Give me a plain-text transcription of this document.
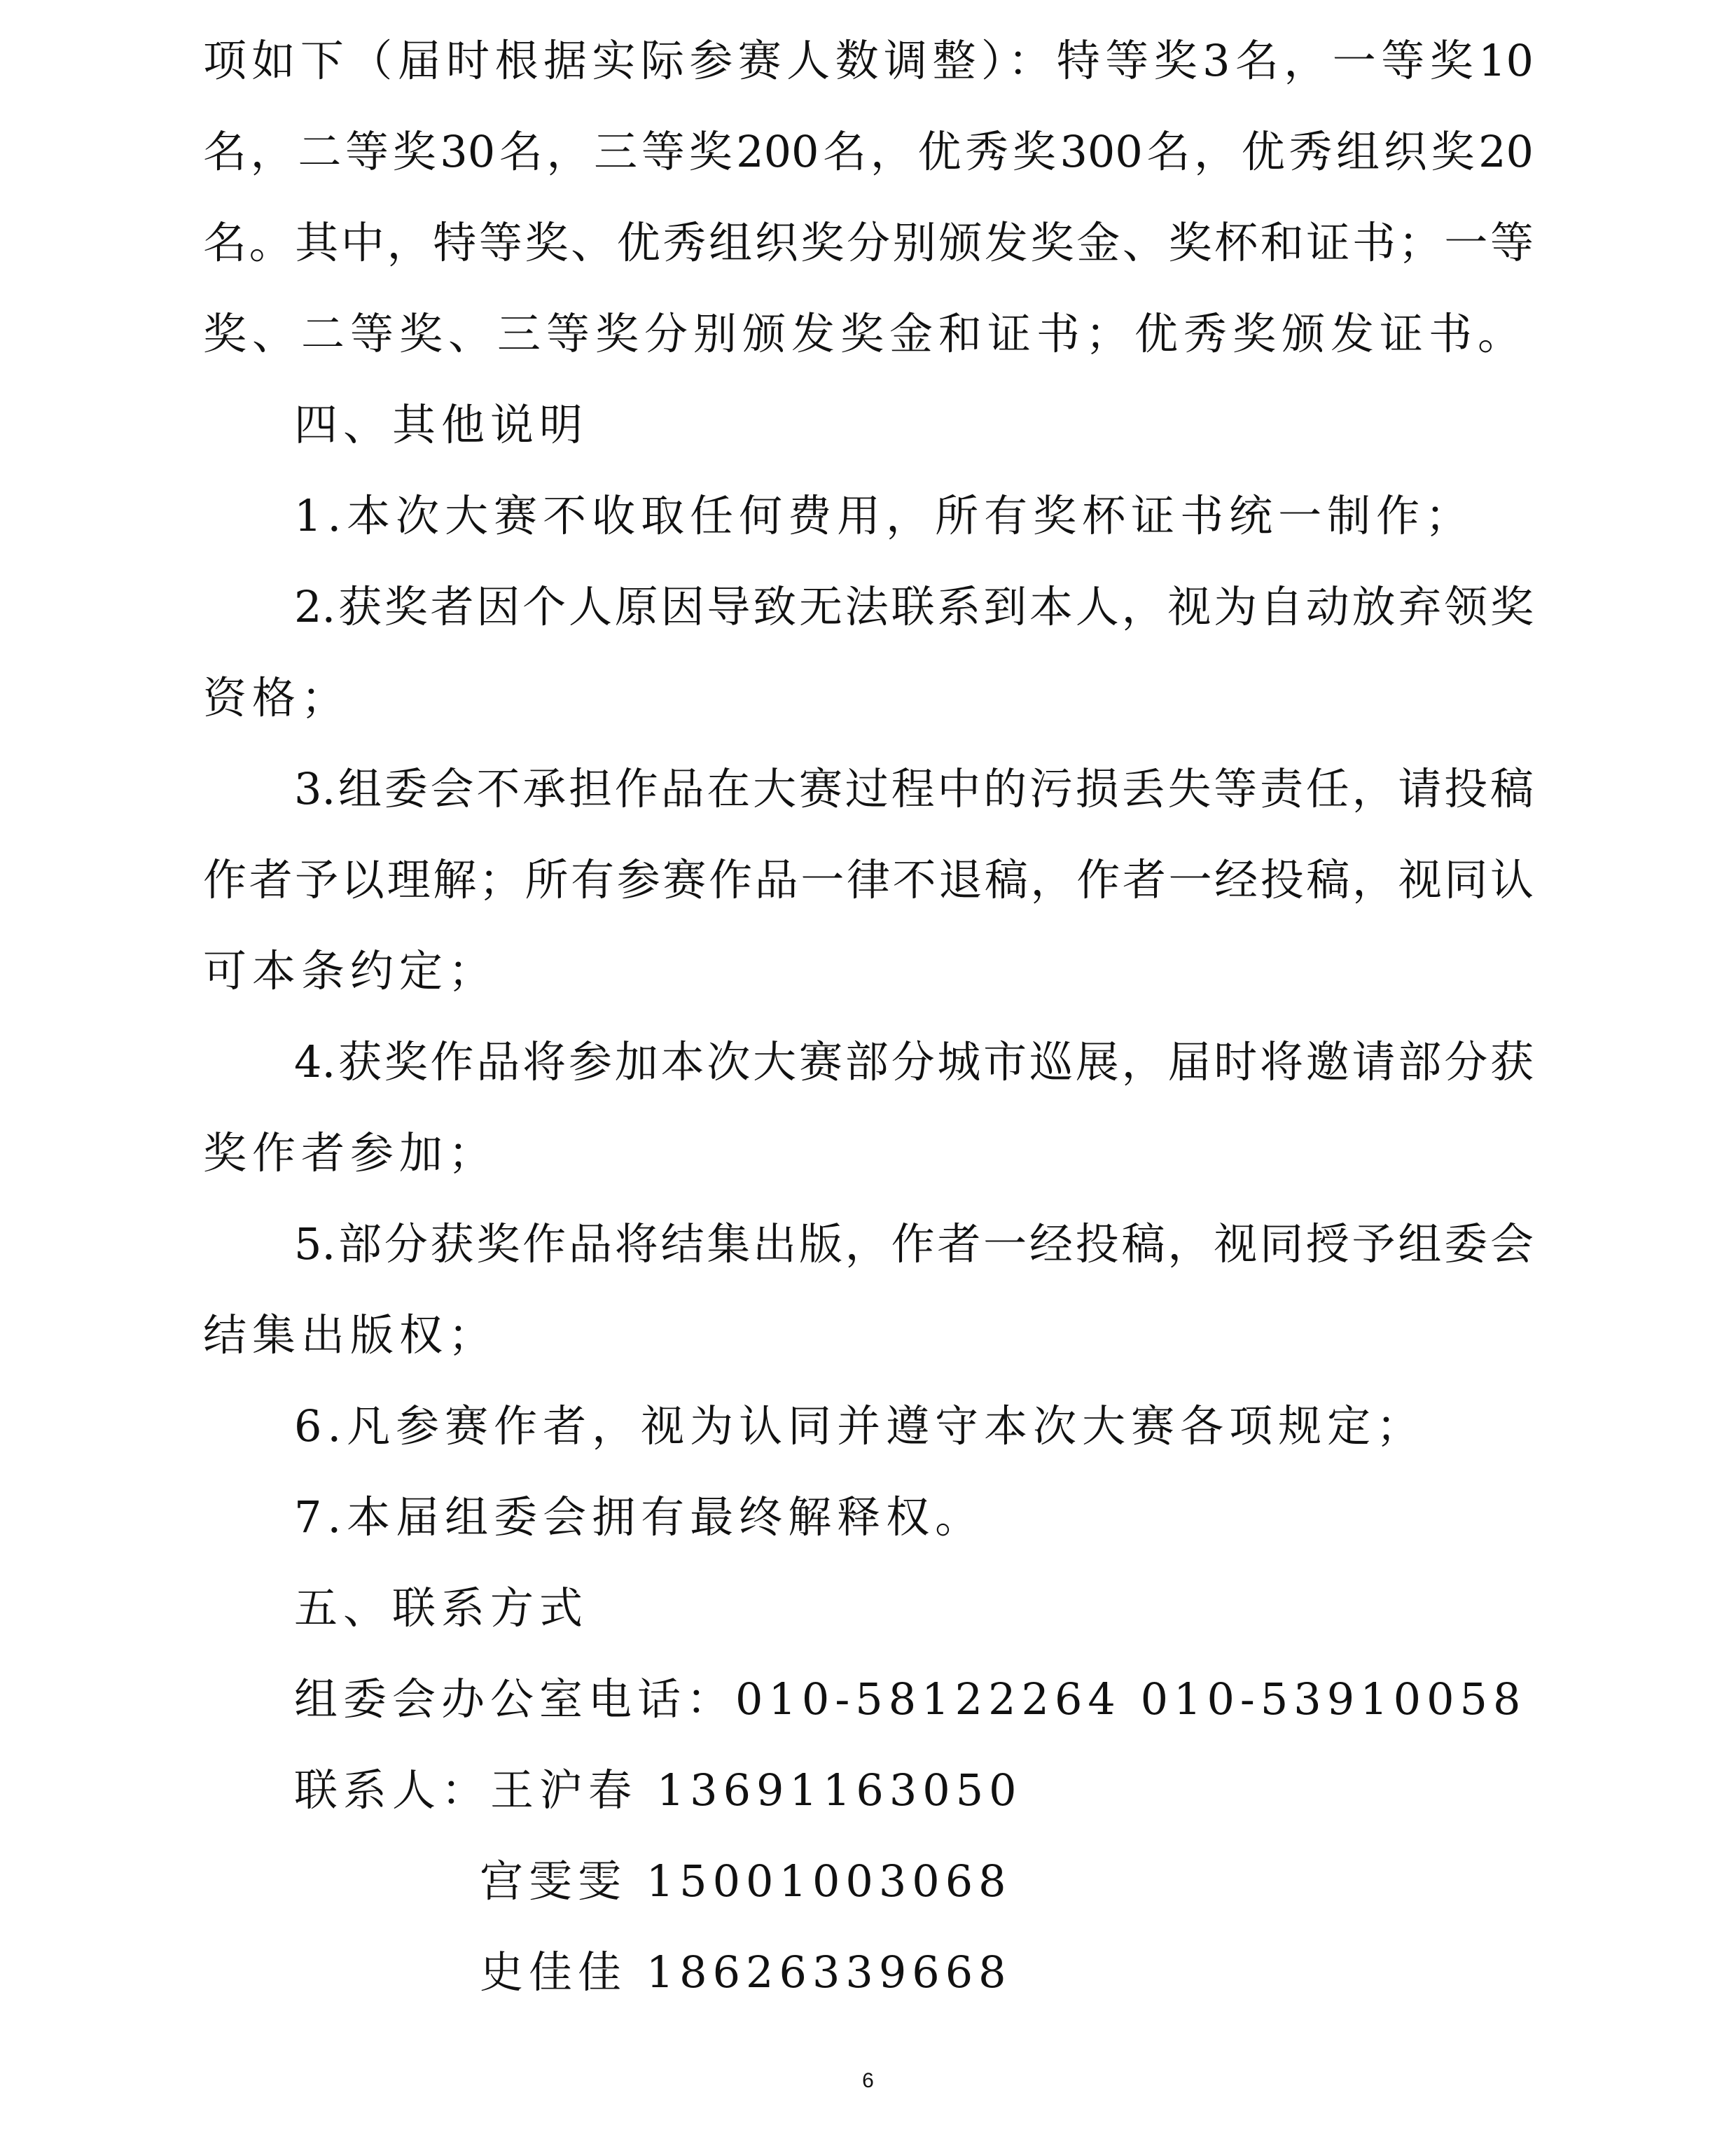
项如下（届时根据实际参赛人数调整）：特等奖3名，一等奖10
名，二等奖30名，三等奖200名，优秀奖300名，优秀组织奖20
名。其中，特等奖、优秀组织奖分别颁发奖金、奖杯和证书；一等
奖、二等奖、三等奖分别颁发奖金和证书；优秀奖颁发证书。
四、其他说明
1.本次大赛不收取任何费用，所有奖杯证书统一制作；
2.获奖者因个人原因导致无法联系到本人，视为自动放弃领奖
资格；
3.组委会不承担作品在大赛过程中的污损丢失等责任，请投稿
作者予以理解；所有参赛作品一律不退稿，作者一经投稿，视同认
可本条约定；
4.获奖作品将参加本次大赛部分城市巡展，届时将邀请部分获
奖作者参加；
5.部分获奖作品将结集出版，作者一经投稿，视同授予组委会
结集出版权；
6.凡参赛作者，视为认同并遵守本次大赛各项规定；
7.本届组委会拥有最终解释权。
五、联系方式
组委会办公室电话：010-58122264 010-53910058
联系人：王沪春 13691163050
宫雯雯 15001003068
史佳佳 18626339668
6
